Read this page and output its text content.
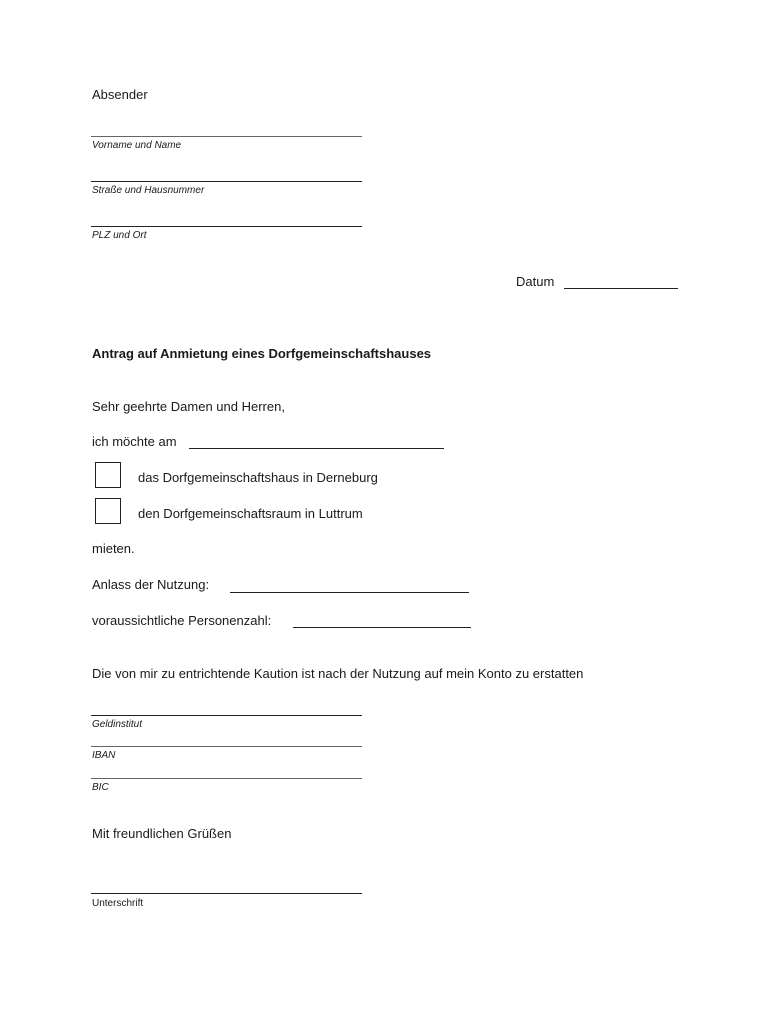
Absender
Vorname und Name
Straße und Hausnummer
PLZ und Ort
Datum
Antrag auf Anmietung eines Dorfgemeinschaftshauses
Sehr geehrte Damen und Herren,
ich möchte am
das Dorfgemeinschaftshaus in Derneburg
den Dorfgemeinschaftsraum in Luttrum
mieten.
Anlass der Nutzung:
voraussichtliche Personenzahl:
Die von mir zu entrichtende Kaution ist nach der Nutzung auf mein Konto zu erstatten
Geldinstitut
IBAN
BIC
Mit freundlichen Grüßen
Unterschrift
